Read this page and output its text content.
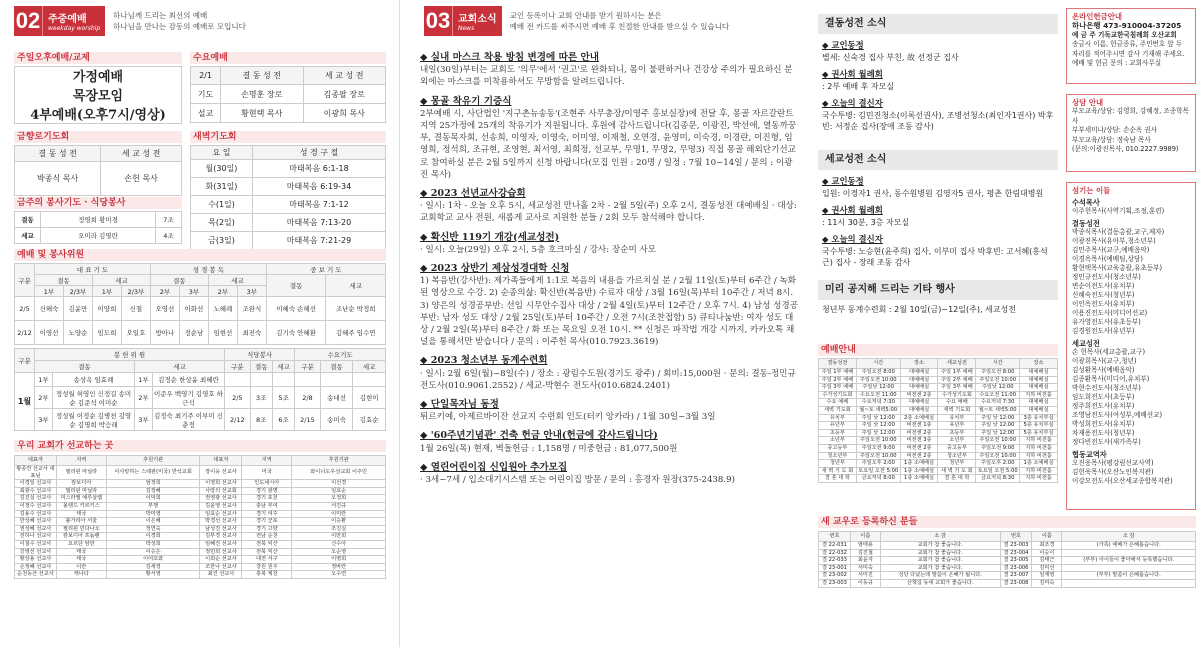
02 주중예배
weekday worship
하나님께 드리는 최선의 예배
하나님을 만나는 감동의 예배로 모입니다
주일오후예배/교제
가정예배
목장모임
4부예배(오후7시/영상)
금향로기도회
결 동 성 전	세 교 성 전
박종식 목사	손헌 목사
금주의 봉사기도 · 식당봉사
결동	정영희 황미경	7조
세교	오미라 김명란	4조
수요예배
2/1	결 동 성 전	세 교 성 전
기도	손명훈 장로	김종팔 장로
설교	황현택 목사	이광희 목사
새벽기도회
요 일	성 경 구 절
월(30일)	마태복음 6:1-18
화(31일)	마태복음 6:19-34
수(1일)	마태복음 7:1-12
목(2일)	마태복음 7:13-20
금(3일)	마태복음 7:21-29
예배 및 봉사위원
구분	대 표 기 도				성 경 봉 독				중 보 기 도	
	결동		세교		결동		세교		결동	세교
	1부	2/3부	1부	2/3부	2부	3부	2부	3부		
2/5	신해숙	김윤만	이양희	신철	오영선	이화선	노혜례	조완식	이혜숙 손해선	조난순 박정희
2/12	이영선	노양순	임도희	오일호	방아나	정순남	임현선	최진숙	김기숙 안혜환	김혜주 임수연
구분	봉 헌 위 원				식당봉사			수요기도		
	결동		세교		구분	결동	세교	구분	결동	세교
1월	1부	송상옥 임효례	1부	김정순 한상윤 최혜란						
	2부	정성월 허영인 신정길 송미순 김준석 이미순	2부	이준우 백영기 김영호 하근석	2/5	3조	5조	2/8	송대선	김현이
	3부	정성월 이정순 김병천 김영순 김명희 박승래	3부	김정숙 최기주 이부미 신춘정	2/12	8조	6조	2/15	송미숙	김효순
우리 교회가 선교하는 곳
대표자	지역	후원기관	대표자	지역	후원기관
황종연 선교사 대표님	필리핀 마닐라	이사랑하는 스테판(미국) 반석교회	장이웅 선교사	미국	와이너도우선교회 이주민
이경일 선교사	캄보디아	엄정희	이영희 선교사	인도네시아	이선경
최광수 선교사	필리핀 마닐라	김정혜	사랑의 선교회	경기 광명	임효순
김진실 선교사	미스라엘 예루살렘	이덕희	권영광 선교사	경기 포천	오정희
이정수 선교사	올랜드 키르키스	부행	김윤영 선교사	충남 부여	서진규
김용수 선교사	태국	박미영	임효순 선교사	경기 여주	이미란
한성혜 선교사	불가리아 서울	이은혜	박경선 선교사	경기 군포	이승환
권성혜 선교사	필리핀 민다나오	정연숙	남성진 선교사	경기 고양	조진실
전하나 선교사	캄보디아 프놈펜	이경희	김부경 선교사	전남 순천	이만희
이철수 선교사	요르단 암만	박성희	임혜진 선교사	전북 익산	신수아
강영선 선교사	태국	이승은	정민희 선교사	전북 익산	오순영
황상용 선교사	태국	이여호와	이희순 선교사	대전 서구	이병희
손정혜 선교사	이란	김세정	조한나 선교사	강원 원주	정바란
순천동산 선교사	캐나다	황서영	최진 선교사	충북 제천	오수연
03 교회소식
News
교인 등록이나 교회 안내를 받기 원하시는 분은
예배 전 카드를 써주시면 예배 후 친절한 안내를 받으실 수 있습니다
◆ 실내 마스크 착용 방침 변경에 따른 안내

내일(30일)부터는 교회도 '의무'에서 '권고'로 완화되니, 몸이 불편하거나 건강상 주의가 필요하신 분 외에는 마스크를 미착용하셔도 무방함을 알려드립니다.

◆ 몽골 착유기 기증식

2부예배 시, 사단법인 '지구촌뉴송동'(조현주 사무총장/이영주 홍보실장)에 전달 후, 몽골 자르갈란트 지역 25가정에 25개의 착유기가 지원됩니다. 후원에 감사드립니다(김종문, 이광진, 박선애, 열동까꿍부, 결동목자회, 선송희, 이영자, 이영숙, 이미영, 이재철, 오연경, 윤영미, 이숙경, 이경란, 이진형, 임영희, 정석희, 조규현, 조영현, 최서영, 최희정, 선교부, 무명1, 무명2, 무명3) 직접 몽골 해외단기선교로 참여하실 분은 2월 5일까지 신청 바랍니다(모집 인원 : 20명 / 일정 : 7월 10~14일 / 문의 : 이광진 목사)

◆ 2023 선년교사강습회

· 일시: 1차 - 오늘 오후 5시, 세교성전 만나홀 2차 - 2월 5일(주) 오후 2시, 결동성전 대예배실 · 대상: 교회학교 교사 전원, 새롭게 교사로 지원한 분들 / 2회 모두 참석해야 합니다.

◆ 확신반 119기 개강(세교성전)

· 일시: 오늘(29일) 오후 2시, 5층 호크마실 / 강사: 장순미 사모

◆ 2023 상반기 제삼성경대학 신청

1) 복음반(강사반): 제가족들에게 1:1로 복음의 내용을 가르치실 분 / 2월 11일(토)부터 6주간 / 녹화된 영상으로 수강. 2) 순종의삶: 확신반(복음반) 수료자 대상 / 3월 16일(목)부터 10주간 / 저녁 8시. 3) 양은의 성경공부반: 선임 시무안수집사 대상 / 2월 4일(토)부터 12주간 / 오후 7시. 4) 남성 성경공부반: 남자 성도 대상 / 2월 25일(토)부터 10주간 / 오전 7시(조찬접함) 5) 큐티나눔반: 여자 성도 대상 / 2월 2일(목)부터 8주간 / 화 또는 목요일 오전 10시. ** 신청은 파작법 개강 시까지, 카카오톡 채널을 통해서만 받습니다 / 문의 : 이주헌 목사(010.7923.3619)

◆ 2023 청소년부 동계수련회

· 일시: 2월 6일(월)~8일(수) / 장소 : 광림수도원(경기도 광주) / 회비:15,000원 · 문의: 결동-정민규 전도사(010.9061.2552) / 세교-박현수 전도사(010.6824.2401)

◆ 단일목자님 동정

튀르키예, 아제르바이잔 선교지 수련회 인도(터키 앙카라) / 1월 30일~3월 3일

◆ '60주년기념관' 건축 헌금 안내(헌금에 감사드립니다)

1월 26일(목) 현재, 벽돌헌금 : 1,158명 / 미중헌금 : 81,077,500원

◆ 열린어린이집 신입원아 추가모집

· 3세~7세 / 입소대기시스템 또는 어린이집 방문 / 문의 : 홍경자 원장(375-2438.9)

결동성전 소식
◆ 교인동정
별세: 신숙경 집사 부친, 故 선정군 집사
◆ 권사회 월례회
: 2부 예배 후 자모실
◆ 오늘의 결신자
국수투병: 김민진청소(이록선권사), 조병선청소(최인자1권사) 박후빈: 서정순 집사(장애 조동 감사)
세교성전 소식
◆ 교인동정
입원: 이경자1 권사, 동수원병원 김영자5 권사, 평촌 한림대병원
◆ 권사회 월례회
: 11시 30분, 3층 자모실
◆ 오늘의 결신자
국수투병: 노승현(윤주희) 집사, 이부미 집사 박후빈: 고서혜(홍석근) 집사 - 장래 조동 감사
미리 공지해 드리는 기타 행사
청년부 동계수련회 : 2월 10일(금)~12일(주), 세교성전
예배안내
결동성전	시간	장소	세교성전	시간	장소
주일 1부 예배	주일오전 8:00	대예배실	주일 1부 예배	주일오전 8:00	대예배실
주일 2부 예배	주일오전 10:00	대예배실	주일 2부 예배	주일오전 10:00	대예배실
주일 3부 예배	주일낮 12:00	대예배실	주일 3부 예배	주일낮 12:00	대예배실
수가성기도회	수요오전 11:00	비전센 2층	수가성기도회	수요오전 11:00	지하 비전홀
수요 예배	수요저녁 7:30	대예배실	수요 예배	수요저녁 7:30	대예배실
새벽 기도회	월~토 새벽5:00	대예배실	새벽 기도회	월~토 새벽5:00	대예배실
유치부	주일 낮 12:00	2층 소예배실	유치부	주일 낮 12:00	3층 유치부실
유년부	주일 낮 12:00	비전센 1층	유년부	주일 낮 12:00	5층 유치부실
초등부	주일 낮 12:00	비전센 2층	초등부	주일 낮 12:00	5층 유치부실
소년부	주일오전 10:00	비전센 3층	소년부	주일오전 10:00	지하 비전홀
중고등부	주일오전 9:00	비전센 2층	중고등부	주일오전 9:00	지하 비전홀
청소년부	주일오전 10:00	비전센 2층	청소년부	주일오전 10:00	지하 비전홀
청년부	주일오후 2:00	1층 소예배실	청년부	주일오후 2:00	1층 소예배실
새 벽 기 도 회	토요일 오전 5:00	1층 소예배실	새 벽 기 도 회	토요일 오전 5:00	지하 비전홀
결 혼 대 학	금요저녁 8:00	1층 소예배실	결 혼 대 학	금요저녁 8:30	지하 비전홀
새 교우로 등록하신 분들
번호	이름	소 감	번호	이름	소 감
결 22-031	염태용	교회가 참 좋습니다.	결 23-003	최조경	(가족) 예배가 은혜롭습니다.
결 22-032	김진철	교회가 참 좋습니다.	결 23-004	이승이	
결 22-033	최윤자	교회가 참 좋습니다.	결 23-005	김태근	(부부) 아이들이 좋아해서 등록했습니다.
결 23-001	서미숙	교회가 참 좋습니다.	결 23-006	김미선	
결 23-002	서미진	성당 다녔는데 말씀이 은혜가 됩니다.	결 23-007	임재영	(부부) 말씀이 은혜롭습니다.
결 23-003	이동규	산책길 동네 교회가 좋습니다.	결 23-008	김미숙	
온라인헌금안내
하나은행 473-910004-37205
예 금 주 기독교한국침례회 오산교회
송금시 이름, 헌금종류, 주민번호 앞 두 자리를 적어주시면 감사 기재해 주세요.
예배 및 헌금 문의 : 교회사무실
상담 안내
부모교육/상담: 김영희, 강혜정, 조종학목사
부부세미나/상담: 손순옥 권사
부모교육/상담: 정숙남 목사
(문의:이광진목사, 010.2227.9989)
섬기는 이들
수석목사
이주헌목사(사역기획,조정,훈련)
결동성전
박종식목사(결동총괄,교구,제자)
이광진목사(유아부,청소년부)
김민주목사(교구,예배음악)
이경옥목사(예배팀,상담)
황현택목사(교육총괄,유초등부)
정민규전도사(청소년부)
변순이전도사(유치부)
신혜숙전도사(청년부)
이인옥전도사(유치부)
이용진전도사(미디어선교)
유가영전도사(유초등부)
김경원전도사(유년부)
세교성전
손 헌목사(세교총괄,교구)
이광희목사(교구,청년)
김성환목사(예배음악)
김종환목사(미디어,유치부)
박현수전도사(청소년부)
임도희전도사(초등부)
정주희전도사(유치부)
조영남전도사(여성부,예배선교)
박성희전도사(유치부)
차재용전도사(청년부)
정다빈전도사(새가족부)
협동교역자
오진웅목사(평강림선교사역)
김헌욱목사(오산노인복지관)
이강모전도사(오산세교종합복지관)
